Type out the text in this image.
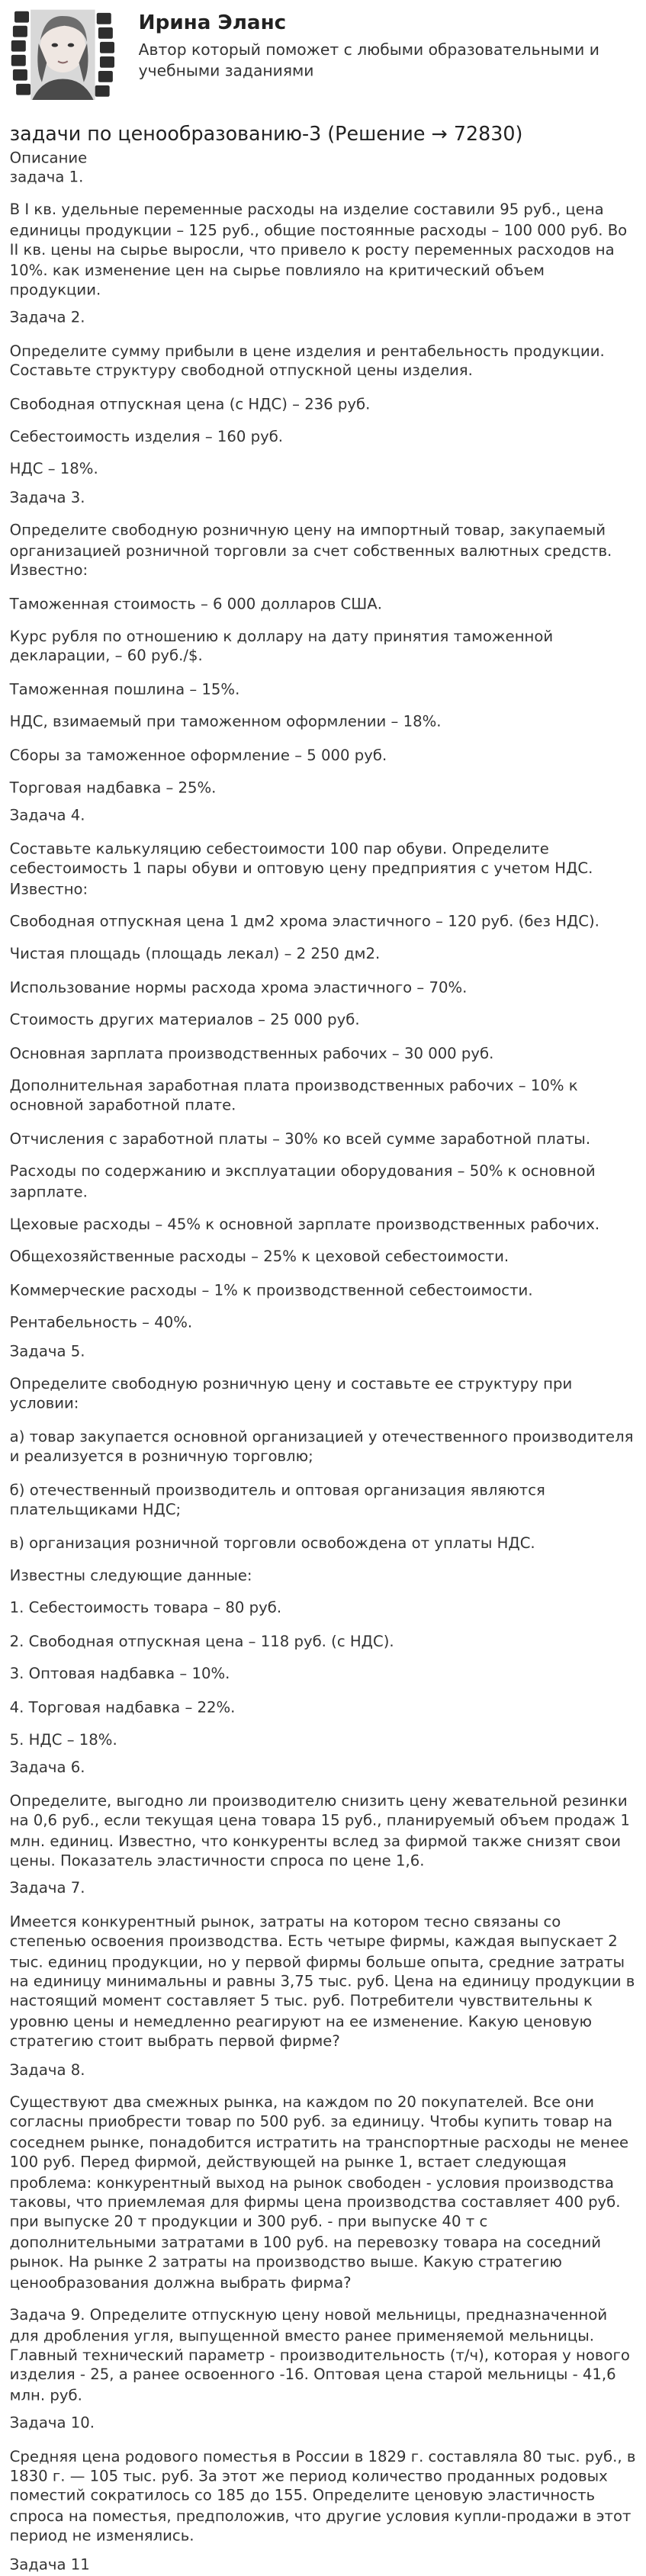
Ирина Эланс
Автор который поможет с любыми образовательными и учебными заданиями
задачи по ценообразованию-3 (Решение → 72830)
Описание
задача 1.
В I кв. удельные переменные расходы на изделие составили 95 руб., цена единицы продукции – 125 руб., общие постоянные расходы – 100 000 руб. Во II кв. цены на сырье выросли, что привело к росту переменных расходов на 10%. как изменение цен на сырье повлияло на критический объем продукции.
Задача 2.
Определите сумму прибыли в цене изделия и рентабельность продукции. Составьте структуру свободной отпускной цены изделия.
Свободная отпускная цена (с НДС) – 236 руб.
Себестоимость изделия – 160 руб.
НДС – 18%.
Задача 3.
Определите свободную розничную цену на импортный товар, закупаемый организацией розничной торговли за счет собственных валютных средств. Известно:
Таможенная стоимость – 6 000 долларов США.
Курс рубля по отношению к доллару на дату принятия таможенной декларации, – 60 руб./$.
Таможенная пошлина – 15%.
НДС, взимаемый при таможенном оформлении – 18%.
Сборы за таможенное оформление – 5 000 руб.
Торговая надбавка – 25%.
Задача 4.
Составьте калькуляцию себестоимости 100 пар обуви. Определите себестоимость 1 пары обуви и оптовую цену предприятия с учетом НДС. Известно:
Свободная отпускная цена 1 дм2 хрома эластичного – 120 руб. (без НДС).
Чистая площадь (площадь лекал) – 2 250 дм2.
Использование нормы расхода хрома эластичного – 70%.
Стоимость других материалов – 25 000 руб.
Основная зарплата производственных рабочих – 30 000 руб.
Дополнительная заработная плата производственных рабочих – 10% к основной заработной плате.
Отчисления с заработной платы – 30% ко всей сумме заработной платы.
Расходы по содержанию и эксплуатации оборудования – 50% к основной зарплате.
Цеховые расходы – 45% к основной зарплате производственных рабочих.
Общехозяйственные расходы – 25% к цеховой себестоимости.
Коммерческие расходы – 1% к производственной себестоимости.
Рентабельность – 40%.
Задача 5.
Определите свободную розничную цену и составьте ее структуру при условии:
а) товар закупается основной организацией у отечественного производителя и реализуется в розничную торговлю;
б) отечественный производитель и оптовая организация являются плательщиками НДС;
в) организация розничной торговли освобождена от уплаты НДС.
Известны следующие данные:
1. Себестоимость товара – 80 руб.
2. Свободная отпускная цена – 118 руб. (с НДС).
3. Оптовая надбавка – 10%.
4. Торговая надбавка – 22%.
5. НДС – 18%.
Задача 6.
Определите, выгодно ли производителю снизить цену жевательной резинки на 0,6 руб., если текущая цена товара 15 руб., планируемый объем продаж 1 млн. единиц. Известно, что конкуренты вслед за фирмой также снизят свои цены. Показатель эластичности спроса по цене 1,6.
Задача 7.
Имеется конкурентный рынок, затраты на котором тесно связаны со степенью освоения производства. Есть четыре фирмы, каждая выпускает 2 тыс. единиц продукции, но у первой фирмы больше опыта, средние затраты на единицу минимальны и равны 3,75 тыс. руб. Цена на единицу продукции в настоящий момент составляет 5 тыс. руб. Потребители чувствительны к уровню цены и немедленно реагируют на ее изменение. Какую ценовую стратегию стоит выбрать первой фирме?
Задача 8.
Существуют два смежных рынка, на каждом по 20 покупателей. Все они согласны приобрести товар по 500 руб. за единицу. Чтобы купить товар на соседнем рынке, понадобится истратить на транспортные расходы не менее 100 руб. Перед фирмой, действующей на рынке 1, встает следующая проблема: конкурентный выход на рынок свободен - условия производства таковы, что приемлемая для фирмы цена производства составляет 400 руб. при выпуске 20 т продукции и 300 руб. - при выпуске 40 т с дополнительными затратами в 100 руб. на перевозку товара на соседний рынок. На рынке 2 затраты на производство выше. Какую стратегию ценообразования должна выбрать фирма?
Задача 9. Определите отпускную цену новой мельницы, предназначенной для дробления угля, выпущенной вместо ранее применяемой мельницы. Главный технический параметр - производительность (т/ч), которая у нового изделия - 25, а ранее освоенного -16. Оптовая цена старой мельницы - 41,6 млн. руб.
Задача 10.
Средняя цена родового поместья в России в 1829 г. составляла 80 тыс. руб., в 1830 г. — 105 тыс. руб. За этот же период количество проданных родовых поместий сократилось со 185 до 155. Определите ценовую эластичность спроса на поместья, предположив, что другие условия купли-продажи в этот период не изменялись.
Задача 11
